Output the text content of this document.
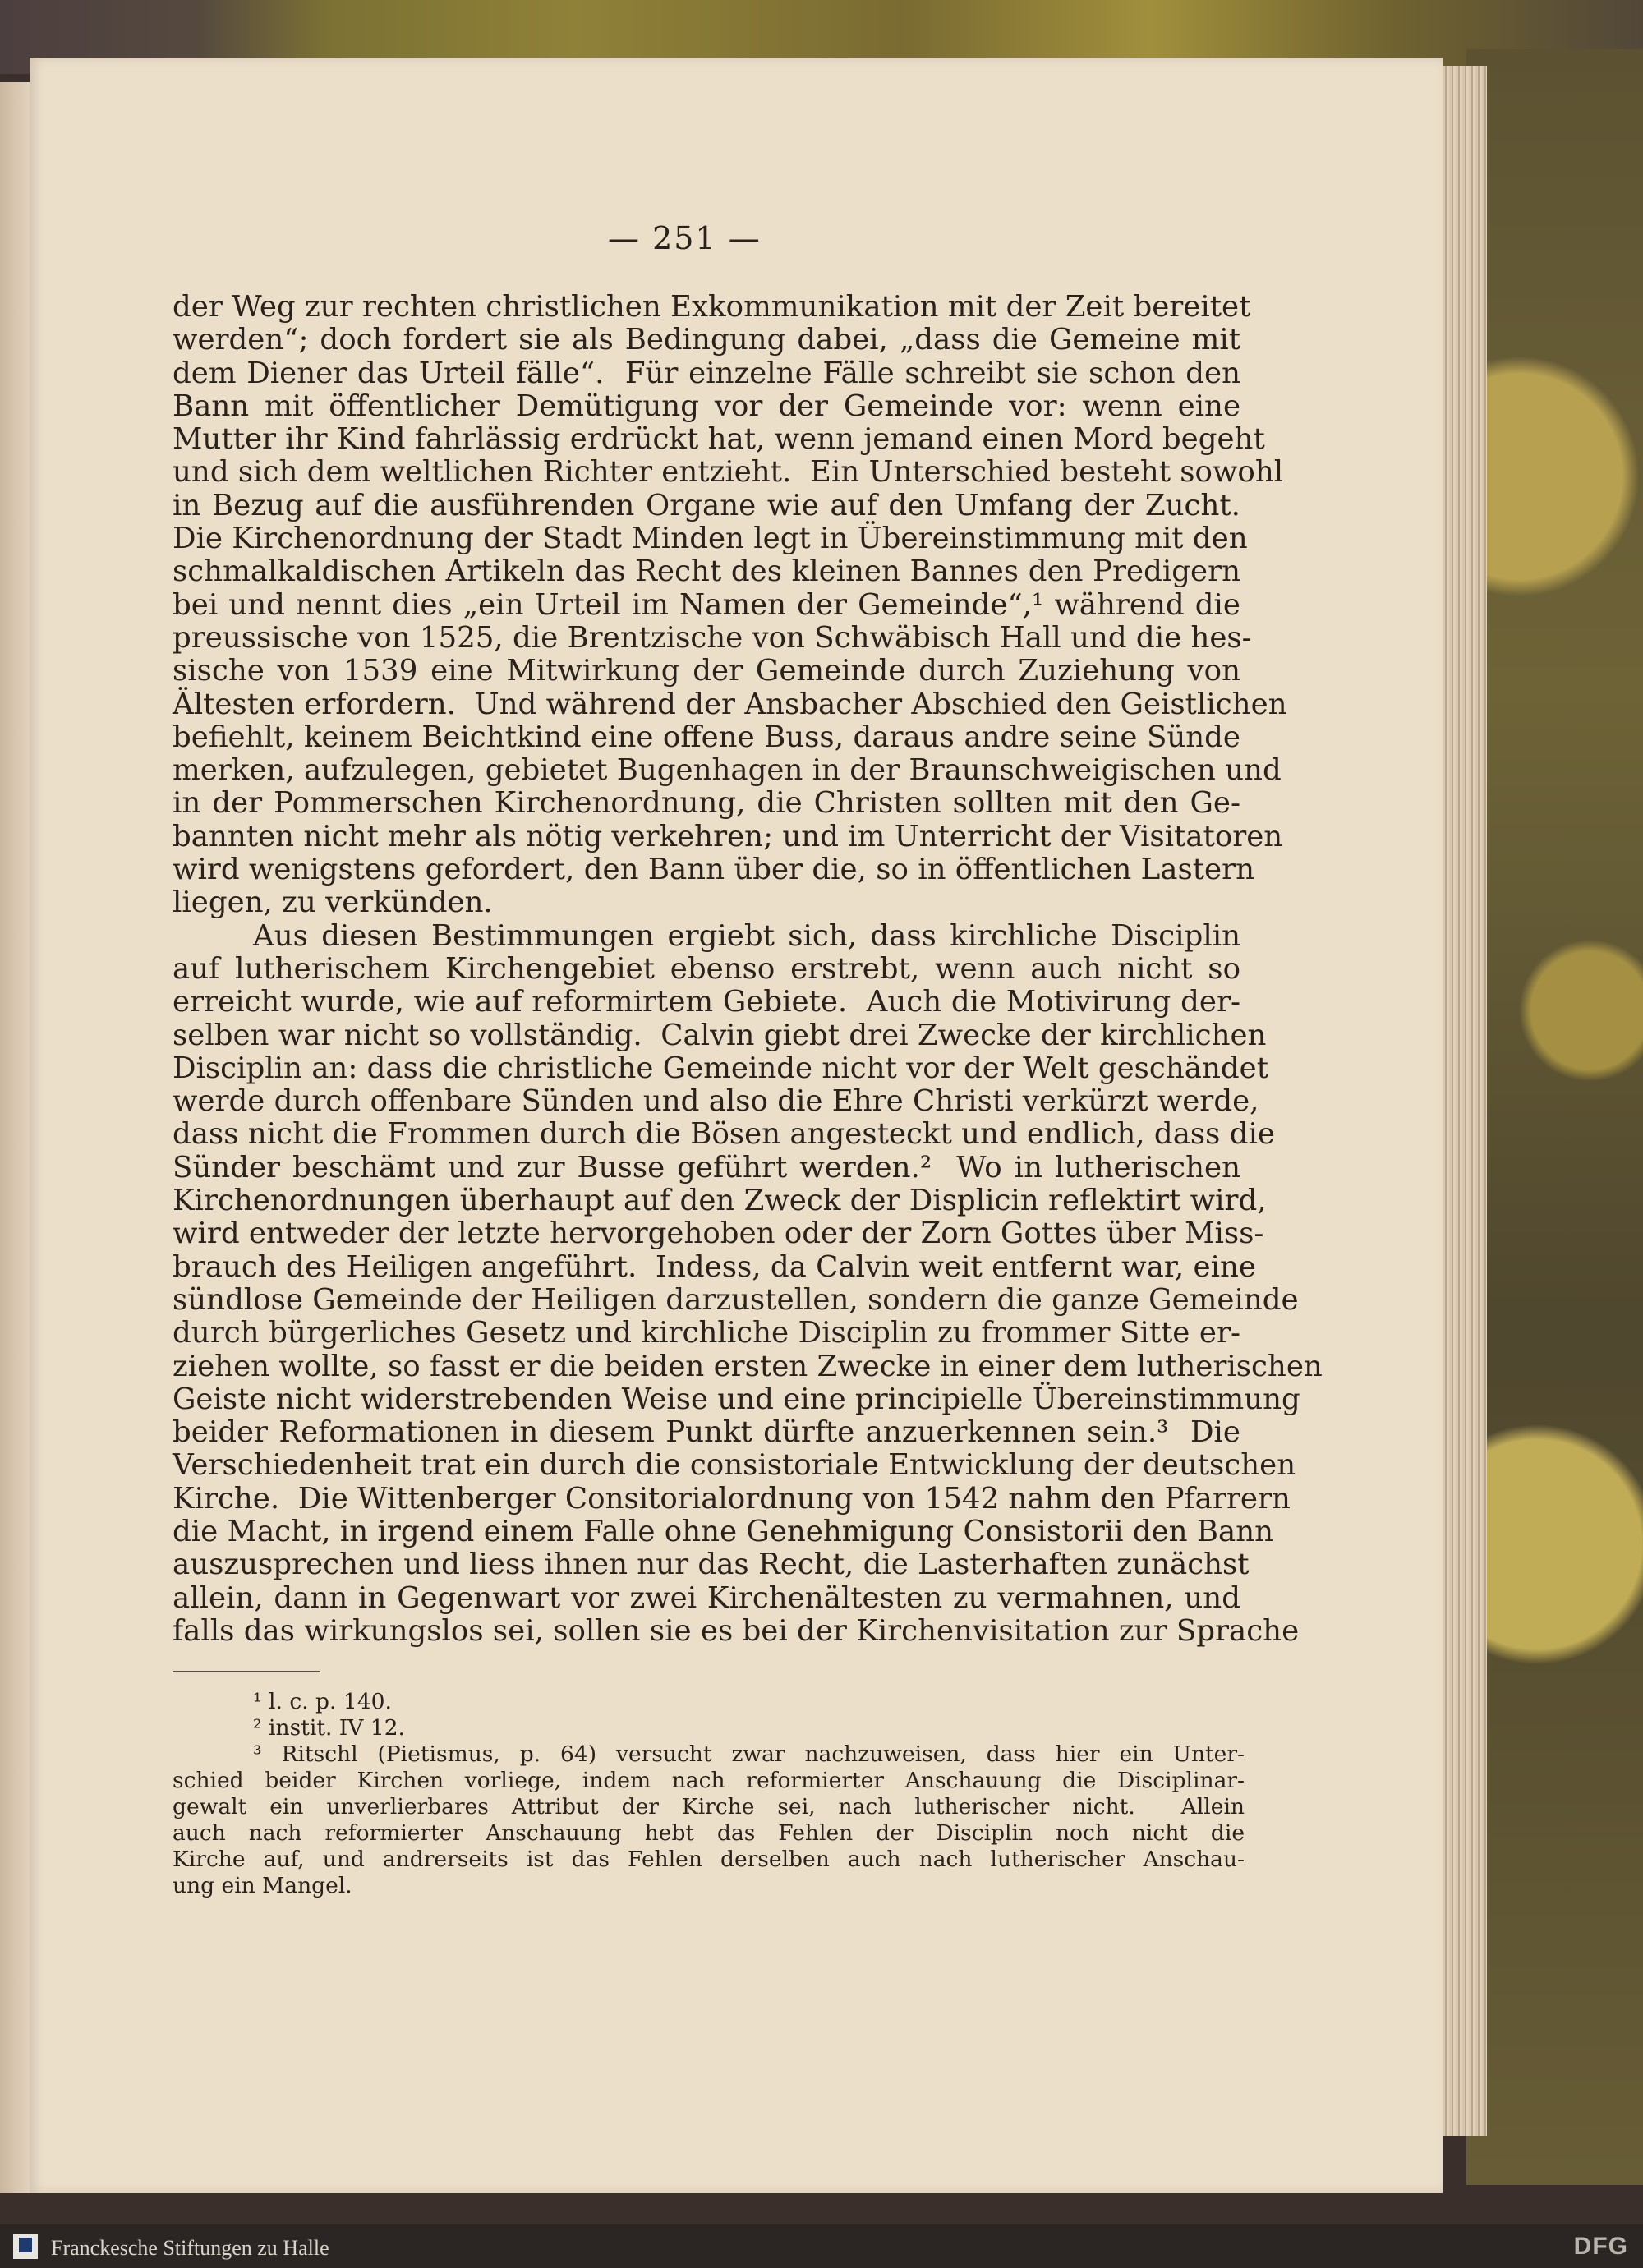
— 251 —
der Weg zur rechten christlichen Exkommunikation mit der Zeit bereitet
werden“; doch fordert sie als Bedingung dabei, „dass die Gemeine mit
dem Diener das Urteil fälle“.  Für einzelne Fälle schreibt sie schon den
Bann mit öffentlicher Demütigung vor der Gemeinde vor: wenn eine
Mutter ihr Kind fahrlässig erdrückt hat, wenn jemand einen Mord begeht
und sich dem weltlichen Richter entzieht.  Ein Unterschied besteht sowohl
in Bezug auf die ausführenden Organe wie auf den Umfang der Zucht.
Die Kirchenordnung der Stadt Minden legt in Übereinstimmung mit den
schmalkaldischen Artikeln das Recht des kleinen Bannes den Predigern
bei und nennt dies „ein Urteil im Namen der Gemeinde“,¹ während die
preussische von 1525, die Brentzische von Schwäbisch Hall und die hes-
sische von 1539 eine Mitwirkung der Gemeinde durch Zuziehung von
Ältesten erfordern.  Und während der Ansbacher Abschied den Geistlichen
befiehlt, keinem Beichtkind eine offene Buss, daraus andre seine Sünde
merken, aufzulegen, gebietet Bugenhagen in der Braunschweigischen und
in der Pommerschen Kirchenordnung, die Christen sollten mit den Ge-
bannten nicht mehr als nötig verkehren; und im Unterricht der Visitatoren
wird wenigstens gefordert, den Bann über die, so in öffentlichen Lastern
liegen, zu verkünden.
Aus diesen Bestimmungen ergiebt sich, dass kirchliche Disciplin
auf lutherischem Kirchengebiet ebenso erstrebt, wenn auch nicht so
erreicht wurde, wie auf reformirtem Gebiete.  Auch die Motivirung der-
selben war nicht so vollständig.  Calvin giebt drei Zwecke der kirchlichen
Disciplin an: dass die christliche Gemeinde nicht vor der Welt geschändet
werde durch offenbare Sünden und also die Ehre Christi verkürzt werde,
dass nicht die Frommen durch die Bösen angesteckt und endlich, dass die
Sünder beschämt und zur Busse geführt werden.²  Wo in lutherischen
Kirchenordnungen überhaupt auf den Zweck der Displicin reflektirt wird,
wird entweder der letzte hervorgehoben oder der Zorn Gottes über Miss-
brauch des Heiligen angeführt.  Indess, da Calvin weit entfernt war, eine
sündlose Gemeinde der Heiligen darzustellen, sondern die ganze Gemeinde
durch bürgerliches Gesetz und kirchliche Disciplin zu frommer Sitte er-
ziehen wollte, so fasst er die beiden ersten Zwecke in einer dem lutherischen
Geiste nicht widerstrebenden Weise und eine principielle Übereinstimmung
beider Reformationen in diesem Punkt dürfte anzuerkennen sein.³  Die
Verschiedenheit trat ein durch die consistoriale Entwicklung der deutschen
Kirche.  Die Wittenberger Consitorialordnung von 1542 nahm den Pfarrern
die Macht, in irgend einem Falle ohne Genehmigung Consistorii den Bann
auszusprechen und liess ihnen nur das Recht, die Lasterhaften zunächst
allein, dann in Gegenwart vor zwei Kirchenältesten zu vermahnen, und
falls das wirkungslos sei, sollen sie es bei der Kirchenvisitation zur Sprache
¹ l. c. p. 140.
² instit. IV 12.
³ Ritschl (Pietismus, p. 64) versucht zwar nachzuweisen, dass hier ein Unter-
schied beider Kirchen vorliege, indem nach reformierter Anschauung die Disciplinar-
gewalt ein unverlierbares Attribut der Kirche sei, nach lutherischer nicht.  Allein
auch nach reformierter Anschauung hebt das Fehlen der Disciplin noch nicht die
Kirche auf, und andrerseits ist das Fehlen derselben auch nach lutherischer Anschau-
ung ein Mangel.
Franckesche Stiftungen zu Halle	DFG
